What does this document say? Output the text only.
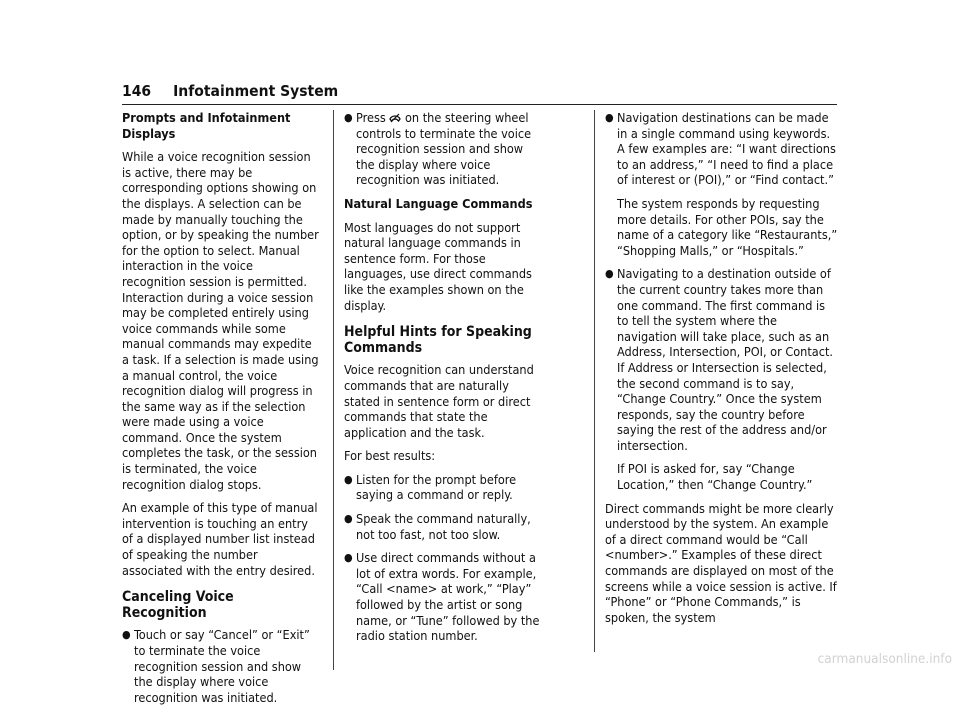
146 Infotainment System

Prompts and Infotainment Displays

While a voice recognition session is active, there may be corresponding options showing on the displays. A selection can be made by manually touching the option, or by speaking the number for the option to select. Manual interaction in the voice recognition session is permitted. Interaction during a voice session may be completed entirely using voice commands while some manual commands may expedite a task. If a selection is made using a manual control, the voice recognition dialog will progress in the same way as if the selection were made using a voice command. Once the system completes the task, or the session is terminated, the voice recognition dialog stops.

An example of this type of manual intervention is touching an entry of a displayed number list instead of speaking the number associated with the entry desired.

Canceling Voice Recognition
● Touch or say “Cancel” or “Exit” to terminate the voice recognition session and show the display where voice recognition was initiated.
● Press on the steering wheel controls to terminate the voice recognition session and show the display where voice recognition was initiated.

Natural Language Commands

Most languages do not support natural language commands in sentence form. For those languages, use direct commands like the examples shown on the display.

Helpful Hints for Speaking Commands

Voice recognition can understand commands that are naturally stated in sentence form or direct commands that state the application and the task.

For best results:

● Listen for the prompt before saying a command or reply.
● Speak the command naturally, not too fast, not too slow.
● Use direct commands without a lot of extra words. For example, “Call <name> at work,” “Play” followed by the artist or song name, or “Tune” followed by the radio station number.
● Navigation destinations can be made in a single command using keywords. A few examples are: “I want directions to an address,” “I need to find a place of interest or (POI),” or “Find contact.”

The system responds by requesting more details. For other POIs, say the name of a category like “Restaurants,” “Shopping Malls,” or “Hospitals.”

● Navigating to a destination outside of the current country takes more than one command. The first command is to tell the system where the navigation will take place, such as an Address, Intersection, POI, or Contact. If Address or Intersection is selected, the second command is to say, “Change Country.” Once the system responds, say the country before saying the rest of the address and/or intersection.

If POI is asked for, say “Change Location,” then “Change Country.”

Direct commands might be more clearly understood by the system. An example of a direct command would be “Call <number>.” Examples of these direct commands are displayed on most of the screens while a voice session is active. If “Phone” or “Phone Commands,” is spoken, the system

carmanualsonline.info
